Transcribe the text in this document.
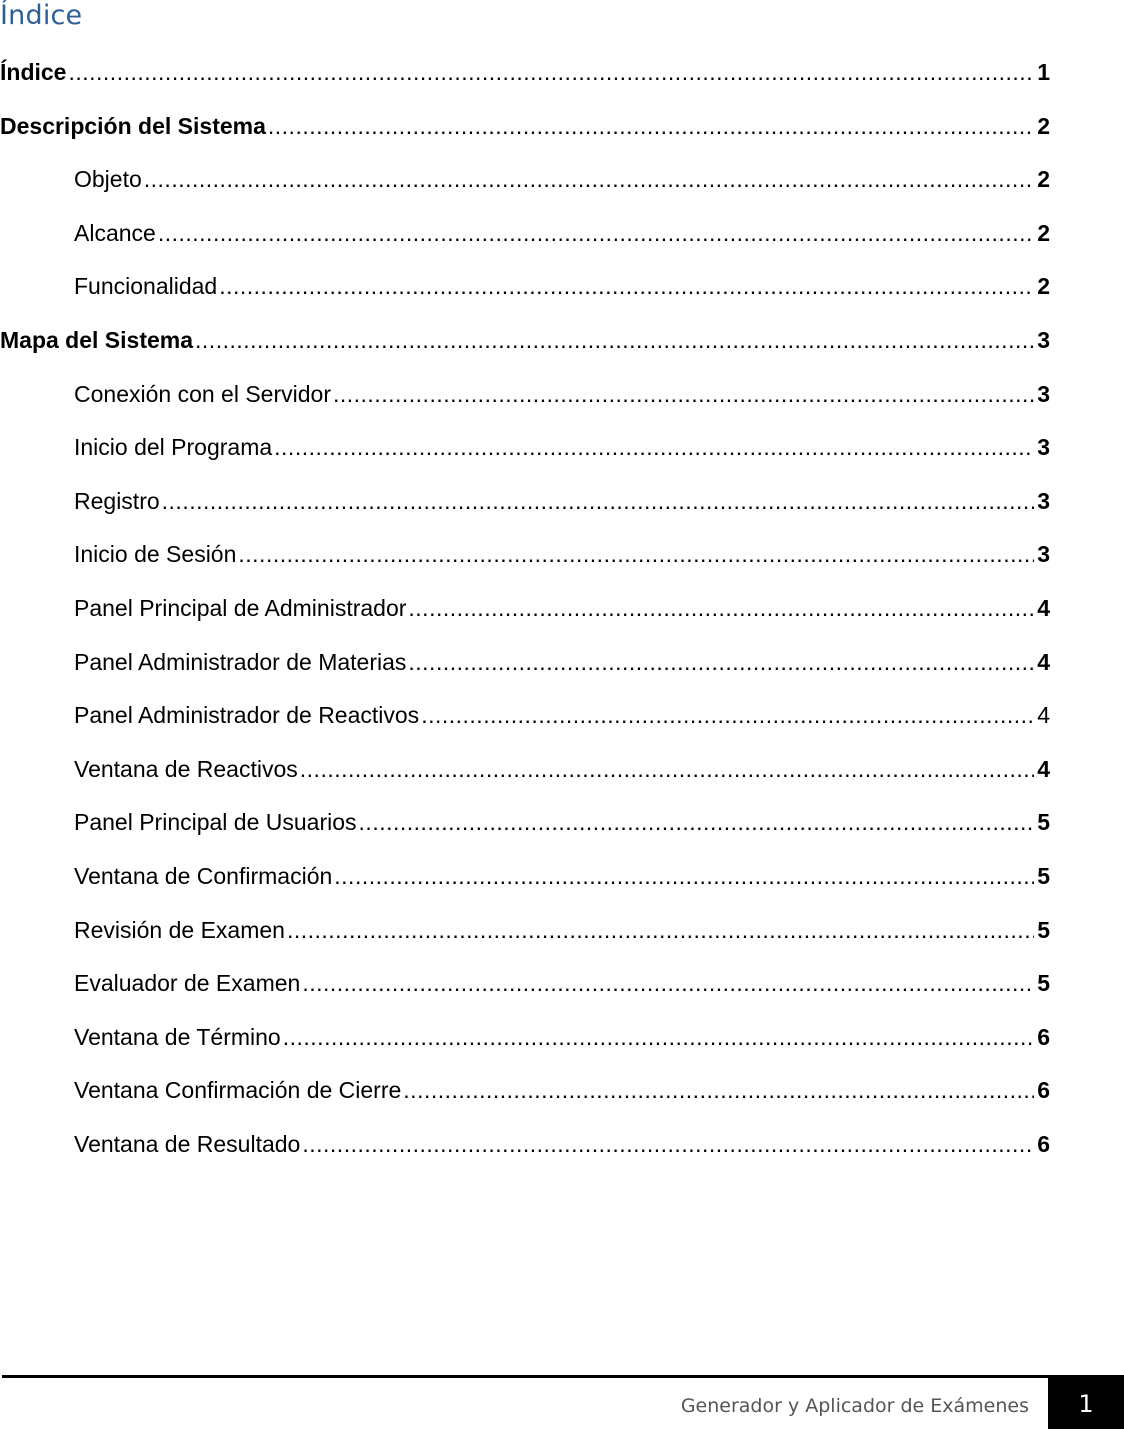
Índice
Índice .....	1
Descripción del Sistema .....	2
Objeto .....	2
Alcance .....	2
Funcionalidad .....	2
Mapa del Sistema .....	3
Conexión con el Servidor .....	3
Inicio del Programa .....	3
Registro .....	3
Inicio de Sesión .....	3
Panel Principal de Administrador .....	4
Panel Administrador de Materias .....	4
Panel Administrador de Reactivos .....	4
Ventana de Reactivos .....	4
Panel Principal de Usuarios .....	5
Ventana de Confirmación .....	5
Revisión de Examen .....	5
Evaluador de Examen .....	5
Ventana de Término .....	6
Ventana Confirmación de Cierre .....	6
Ventana de Resultado .....	6
Generador y Aplicador de Exámenes	1
